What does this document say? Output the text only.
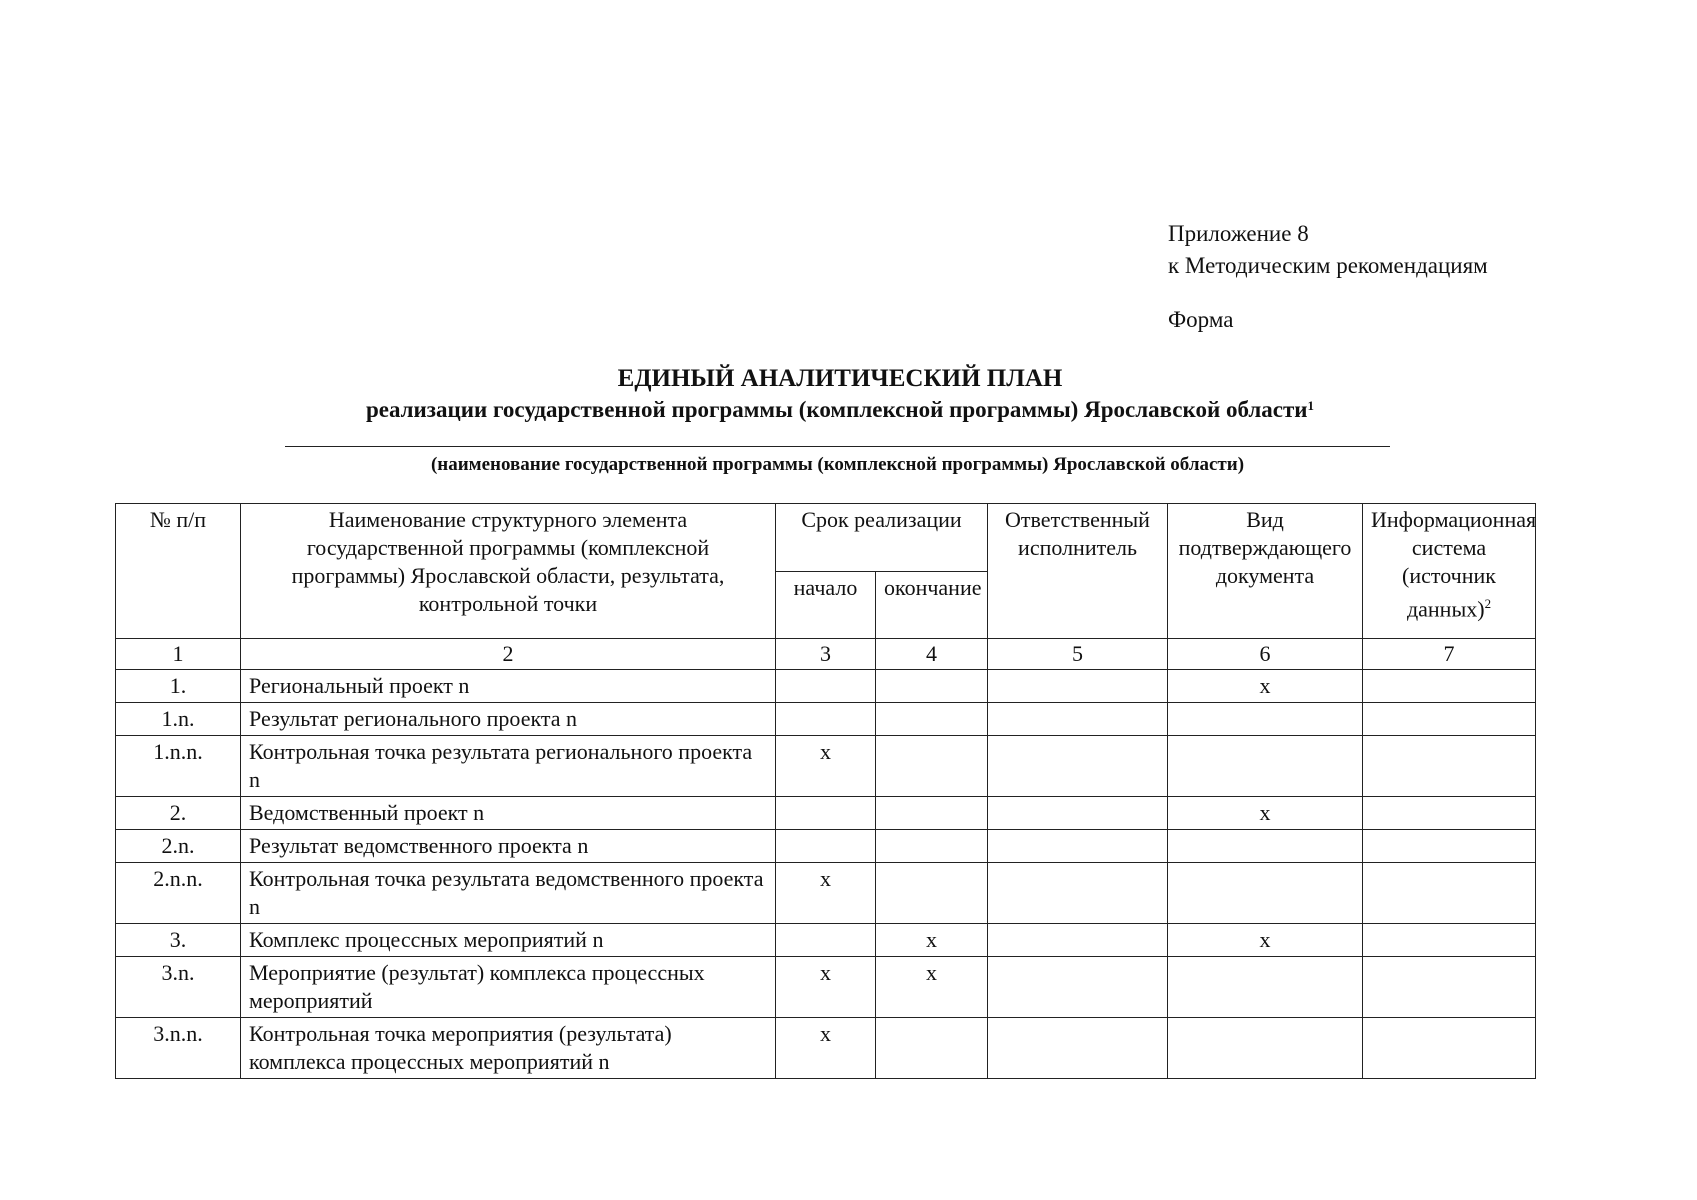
Приложение 8
к Методическим рекомендациям
Форма
ЕДИНЫЙ АНАЛИТИЧЕСКИЙ ПЛАН
реализации государственной программы (комплексной программы) Ярославской области$^1$
(наименование государственной программы (комплексной программы) Ярославской области)
№ п/п	Наименование структурного элемента государственной программы (комплексной программы) Ярославской области, результата, контрольной точки	Срок реализации		Ответственный исполнитель	Вид подтверждающего документа	Информационная система (источник данных)$^2$
		начало	окончание			
1	2	3	4	5	6	7
1.	Региональный проект n				x	
1.n.	Результат регионального проекта n					
1.n.n.	Контрольная точка результата регионального проекта n	x				
2.	Ведомственный проект n				x	
2.n.	Результат ведомственного проекта n					
2.n.n.	Контрольная точка результата ведомственного проекта n	x				
3.	Комплекс процессных мероприятий n		x		x	
3.n.	Мероприятие (результат) комплекса процессных мероприятий	x	x			
3.n.n.	Контрольная точка мероприятия (результата) комплекса процессных мероприятий n	x				
